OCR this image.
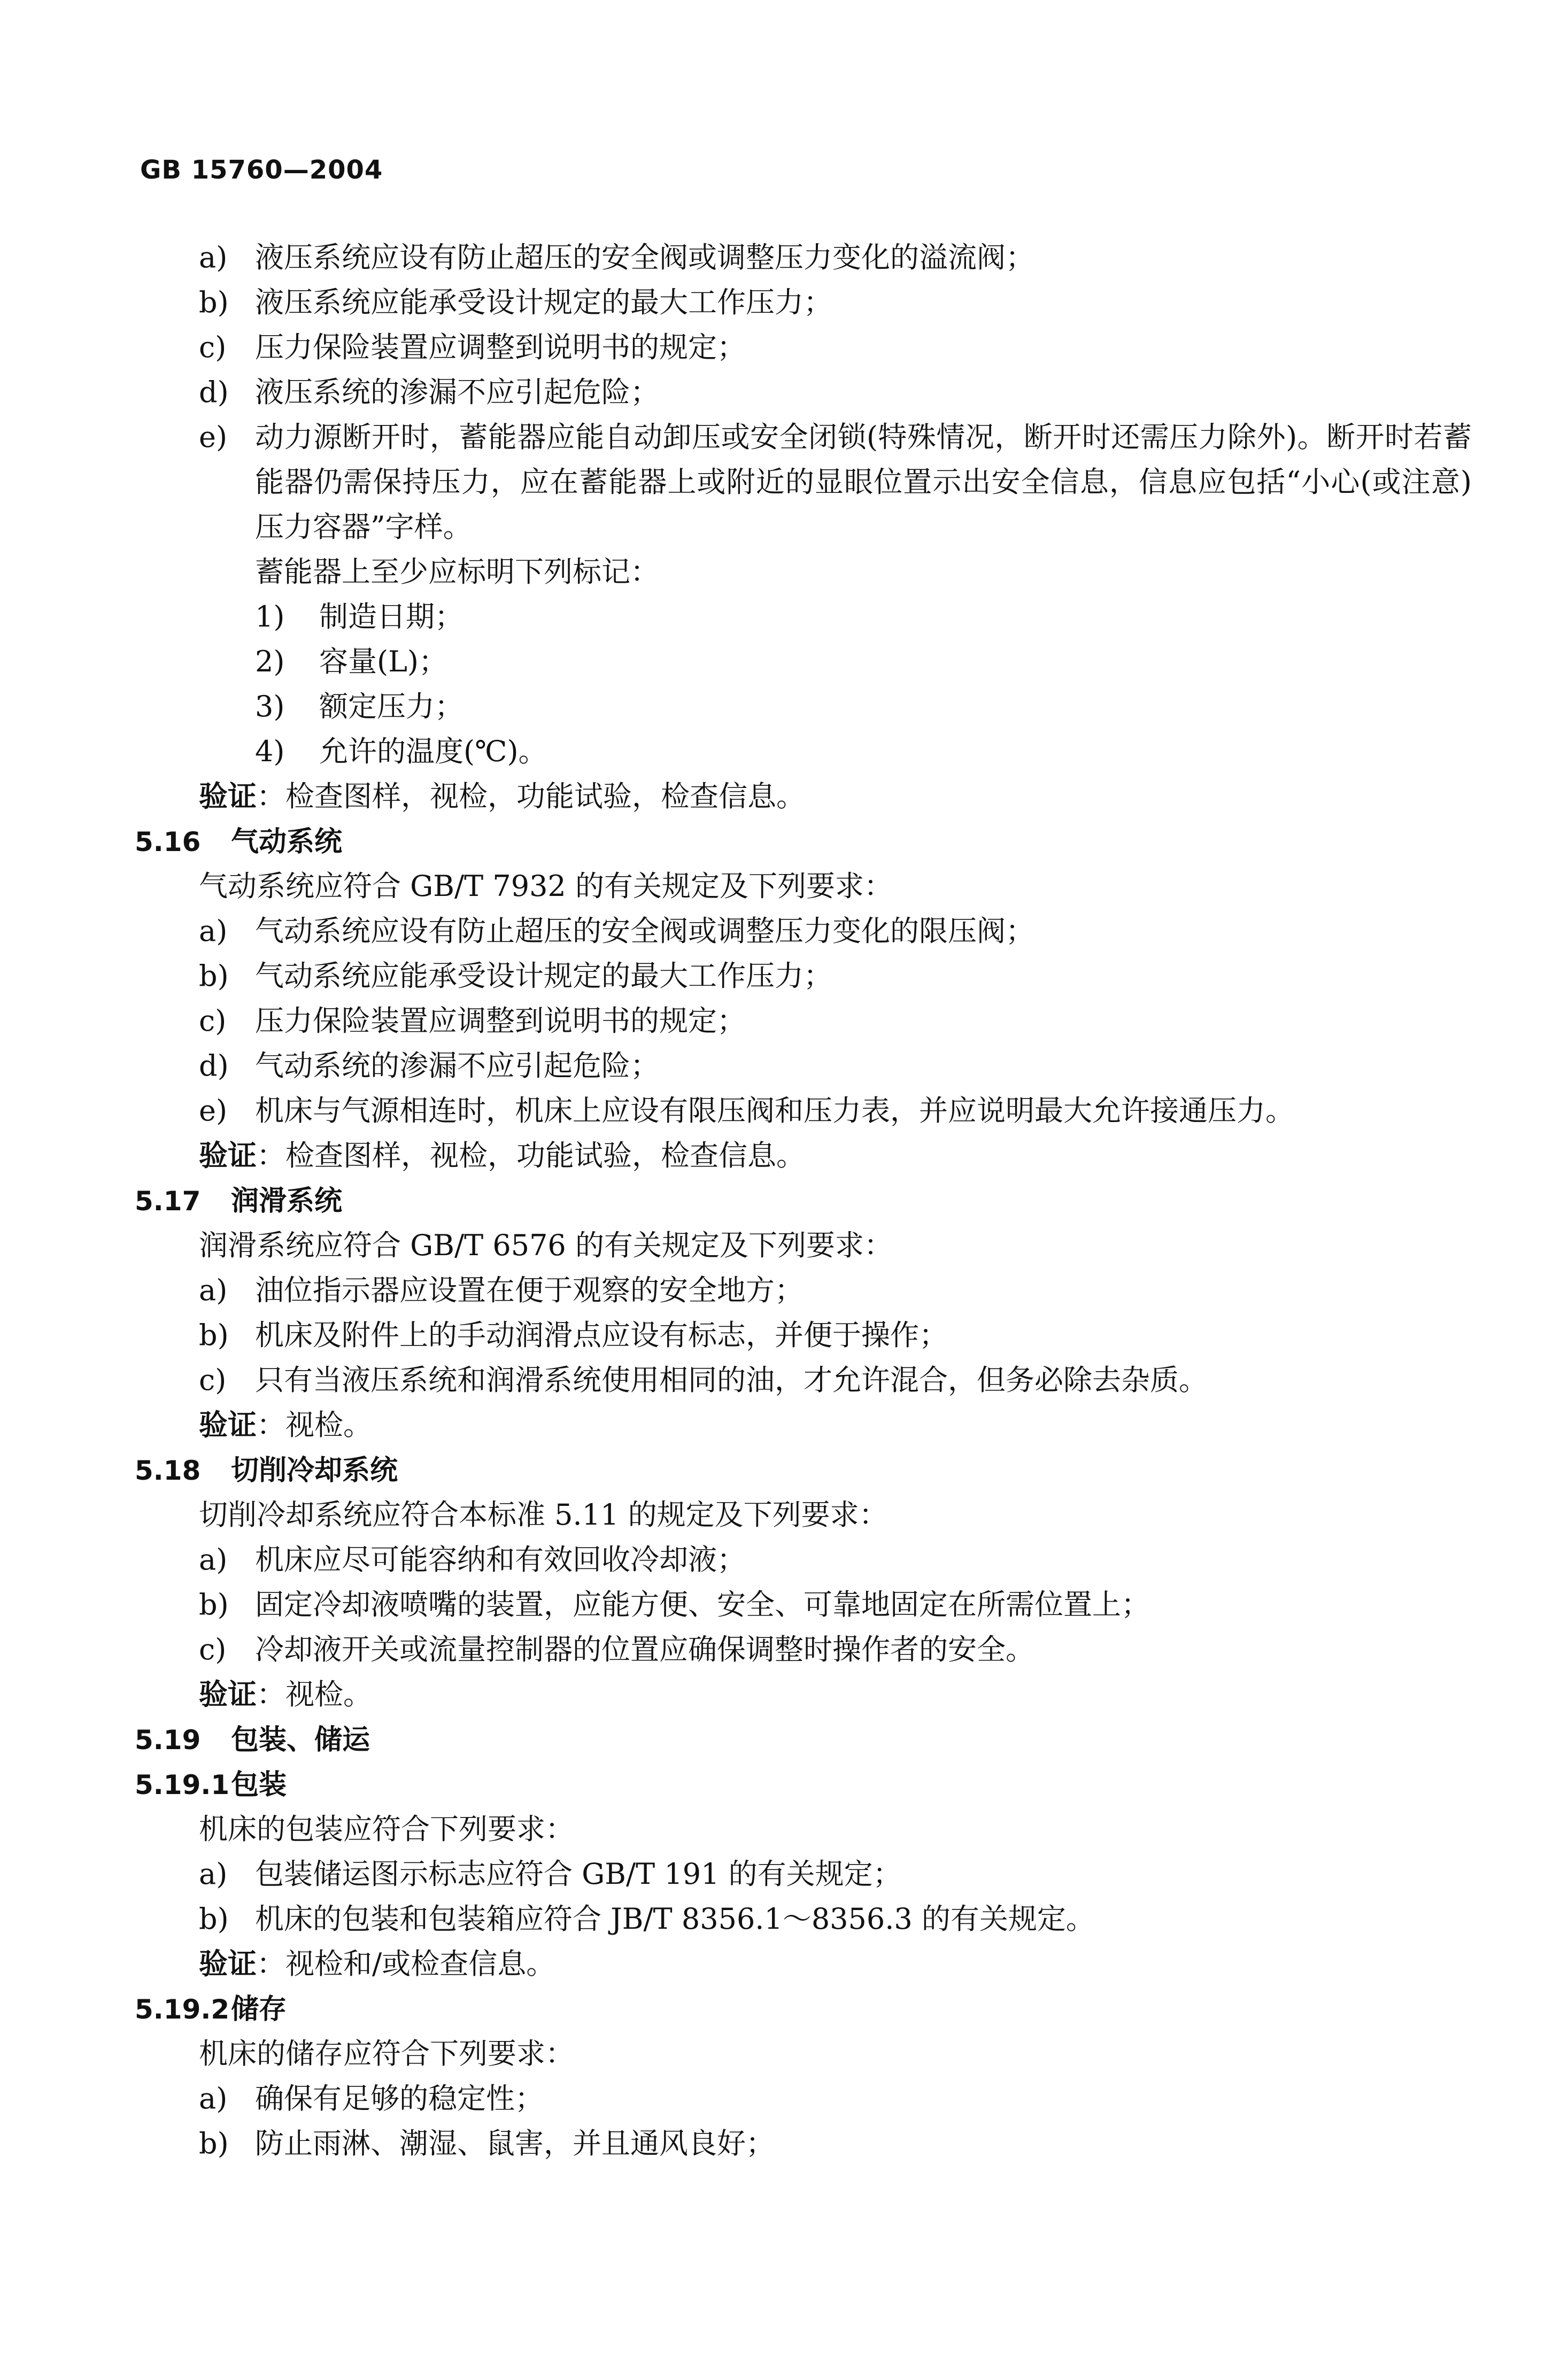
GB 15760—2004
a) 液压系统应设有防止超压的安全阀或调整压力变化的溢流阀；
b) 液压系统应能承受设计规定的最大工作压力；
c) 压力保险装置应调整到说明书的规定；
d) 液压系统的渗漏不应引起危险；
e) 动力源断开时，蓄能器应能自动卸压或安全闭锁(特殊情况，断开时还需压力除外)。断开时若蓄能器仍需保持压力，应在蓄能器上或附近的显眼位置示出安全信息，信息应包括“小心(或注意)压力容器”字样。
蓄能器上至少应标明下列标记：
1) 制造日期；
2) 容量(L)；
3) 额定压力；
4) 允许的温度(℃)。
验证：检查图样，视检，功能试验，检查信息。
5.16 气动系统
气动系统应符合 GB/T 7932 的有关规定及下列要求：
a) 气动系统应设有防止超压的安全阀或调整压力变化的限压阀；
b) 气动系统应能承受设计规定的最大工作压力；
c) 压力保险装置应调整到说明书的规定；
d) 气动系统的渗漏不应引起危险；
e) 机床与气源相连时，机床上应设有限压阀和压力表，并应说明最大允许接通压力。
验证：检查图样，视检，功能试验，检查信息。
5.17 润滑系统
润滑系统应符合 GB/T 6576 的有关规定及下列要求：
a) 油位指示器应设置在便于观察的安全地方；
b) 机床及附件上的手动润滑点应设有标志，并便于操作；
c) 只有当液压系统和润滑系统使用相同的油，才允许混合，但务必除去杂质。
验证：视检。
5.18 切削冷却系统
切削冷却系统应符合本标准 5.11 的规定及下列要求：
a) 机床应尽可能容纳和有效回收冷却液；
b) 固定冷却液喷嘴的装置，应能方便、安全、可靠地固定在所需位置上；
c) 冷却液开关或流量控制器的位置应确保调整时操作者的安全。
验证：视检。
5.19 包装、储运
5.19.1包装
机床的包装应符合下列要求：
a) 包装储运图示标志应符合 GB/T 191 的有关规定；
b) 机床的包装和包装箱应符合 JB/T 8356.1～8356.3 的有关规定。
验证：视检和/或检查信息。
5.19.2储存
机床的储存应符合下列要求：
a) 确保有足够的稳定性；
b) 防止雨淋、潮湿、鼠害，并且通风良好；
